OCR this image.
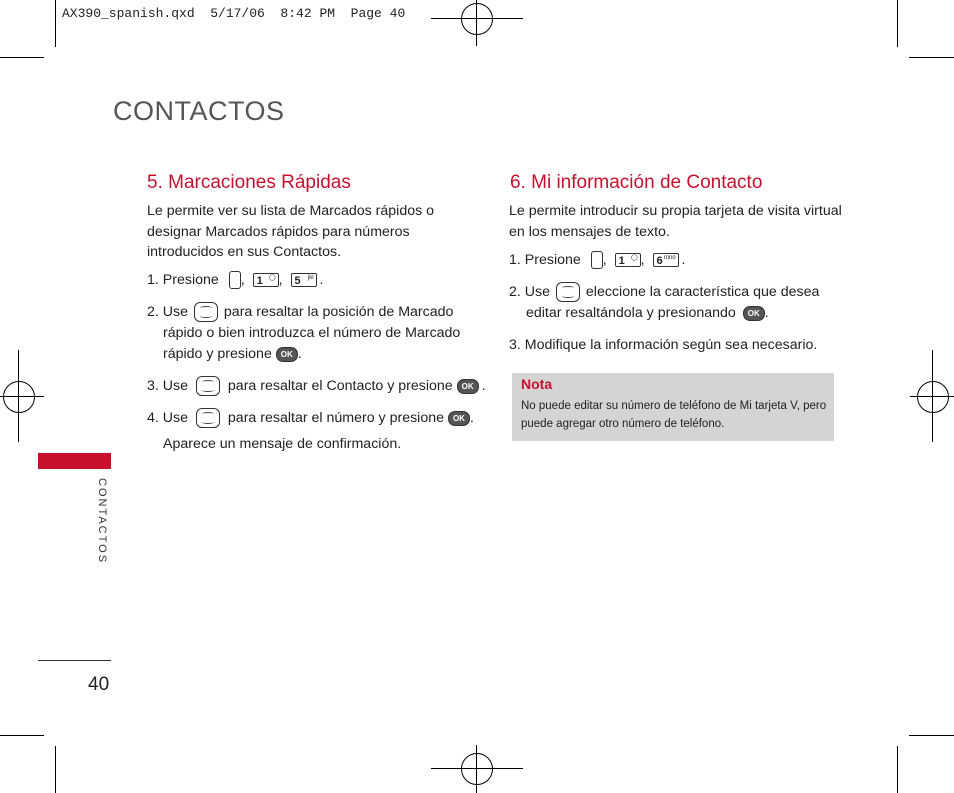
AX390_spanish.qxd  5/17/06  8:42 PM  Page 40
CONTACTOS
5. Marcaciones Rápidas
Le permite ver su lista de Marcados rápidos o designar Marcados rápidos para números introducidos en sus Contactos.
1. Presione , 1 ◯ , 5 jkl .
2. Use	para resaltar la posición de Marcado
rápido o bien introduzca el número de Marcado
rápido y presione OK .
3. Use	para resaltar el Contacto y presione OK .
4. Use	para resaltar el número y presione OK .
Aparece un mensaje de confirmación.
6. Mi información de Contacto
Le permite introducir su propia tarjeta de visita virtual en los mensajes de texto.
1. Presione , 1 ◯ , 6 mno .
2. Use	eleccione la característica que desea
editar resaltándola y presionando OK .
3. Modifique la información según sea necesario.
Nota
No puede editar su número de teléfono de Mi tarjeta V, pero puede agregar otro número de teléfono.
CONTACTOS
40
